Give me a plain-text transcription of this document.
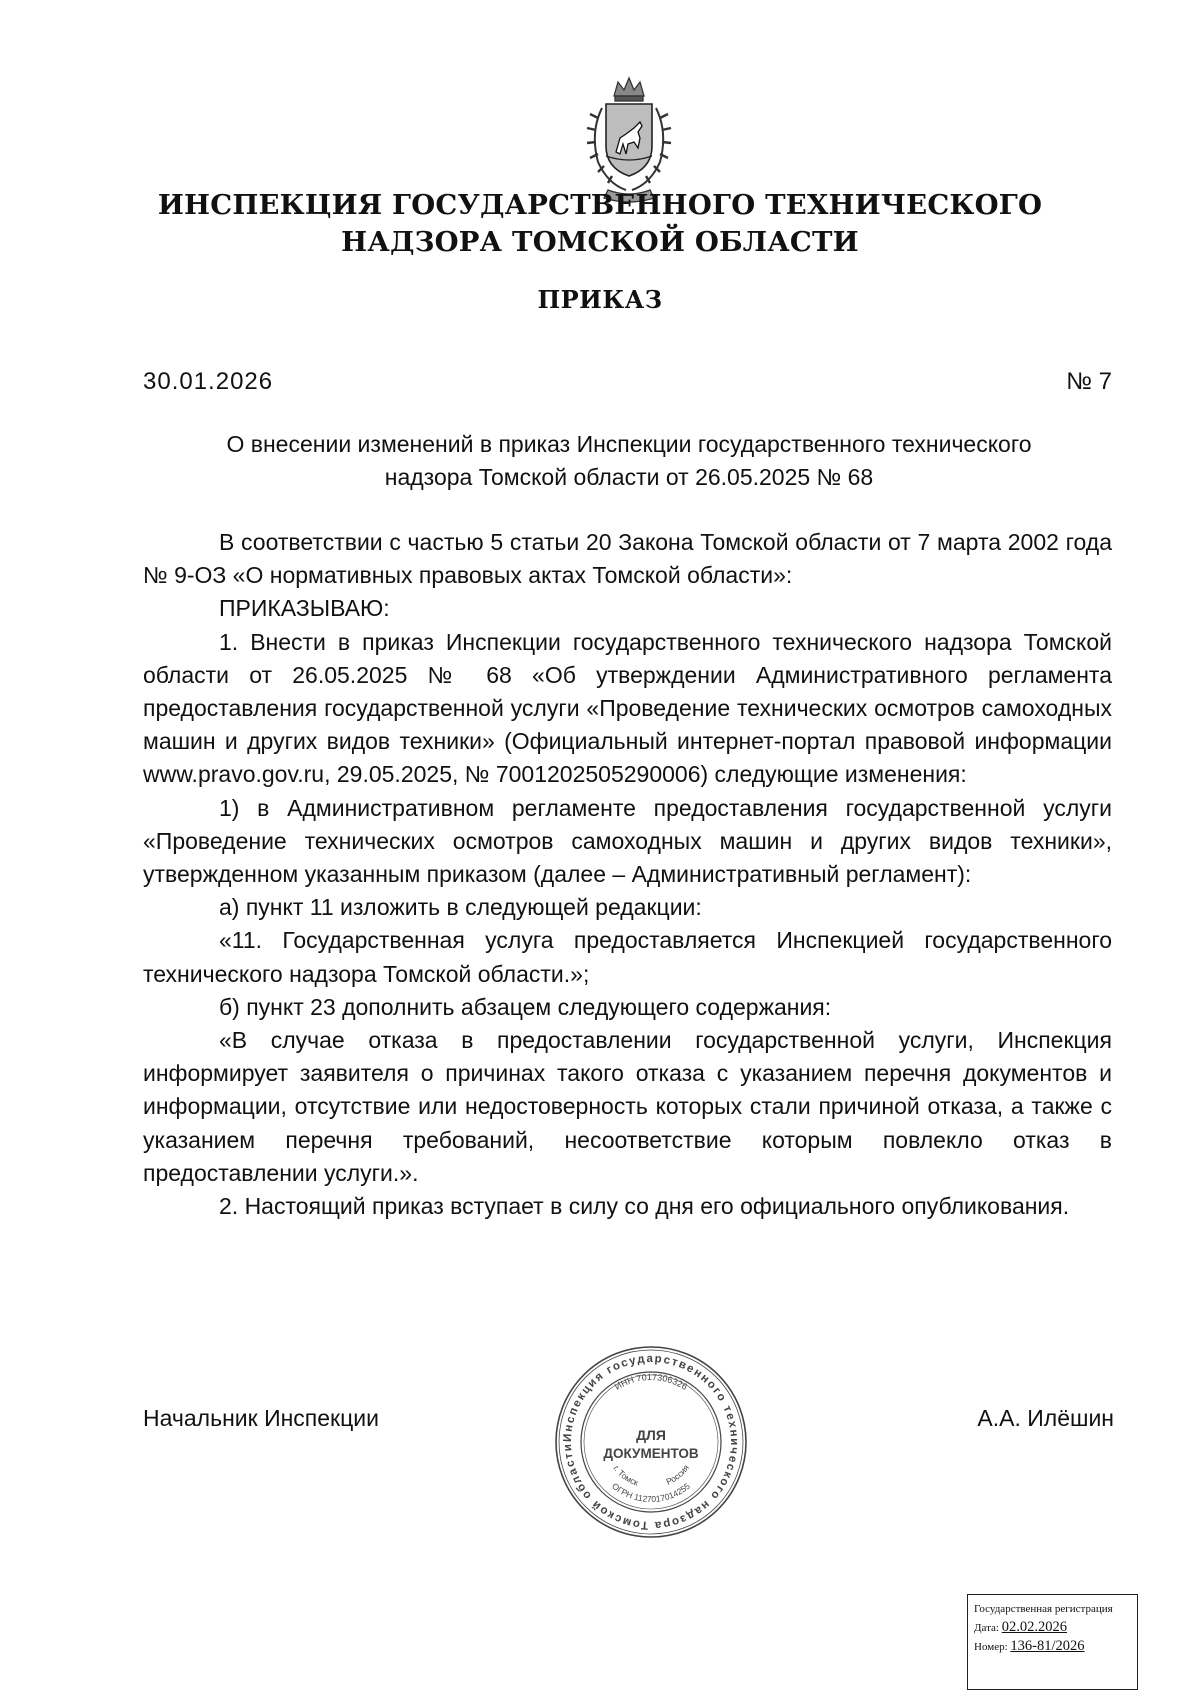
ИНСПЕКЦИЯ ГОСУДАРСТВЕННОГО ТЕХНИЧЕСКОГО
НАДЗОРА ТОМСКОЙ ОБЛАСТИ
ПРИКАЗ
30.01.2026	№ 7
О внесении изменений в приказ Инспекции государственного технического
надзора Томской области от 26.05.2025 № 68

В соответствии с частью 5 статьи 20 Закона Томской области от 7 марта 2002 года № 9-ОЗ «О нормативных правовых актах Томской области»:

ПРИКАЗЫВАЮ:

1. Внести в приказ Инспекции государственного технического надзора Томской области от 26.05.2025 № 68 «Об утверждении Административного регламента предоставления государственной услуги «Проведение технических осмотров самоходных машин и других видов техники» (Официальный интернет-портал правовой информации www.pravo.gov.ru, 29.05.2025, № 7001202505290006) следующие изменения:

1) в Административном регламенте предоставления государственной услуги «Проведение технических осмотров самоходных машин и других видов техники», утвержденном указанным приказом (далее – Административный регламент):

а) пункт 11 изложить в следующей редакции:

«11. Государственная услуга предоставляется Инспекцией государственного технического надзора Томской области.»;

б) пункт 23 дополнить абзацем следующего содержания:

«В случае отказа в предоставлении государственной услуги, Инспекция информирует заявителя о причинах такого отказа с указанием перечня документов и информации, отсутствие или недостоверность которых стали причиной отказа, а также с указанием перечня требований, несоответствие которым повлекло отказ в предоставлении услуги.».

2. Настоящий приказ вступает в силу со дня его официального опубликования.

Начальник Инспекции	А.А. Илёшин
Инспекция государственного технического надзора Томской области
ИНН 7017306326
ОГРН 1127017014255
г. Томск	Россия
ДЛЯ
ДОКУМЕНТОВ
Государственная регистрация
Дата: 02.02.2026
Номер: 136-81/2026
